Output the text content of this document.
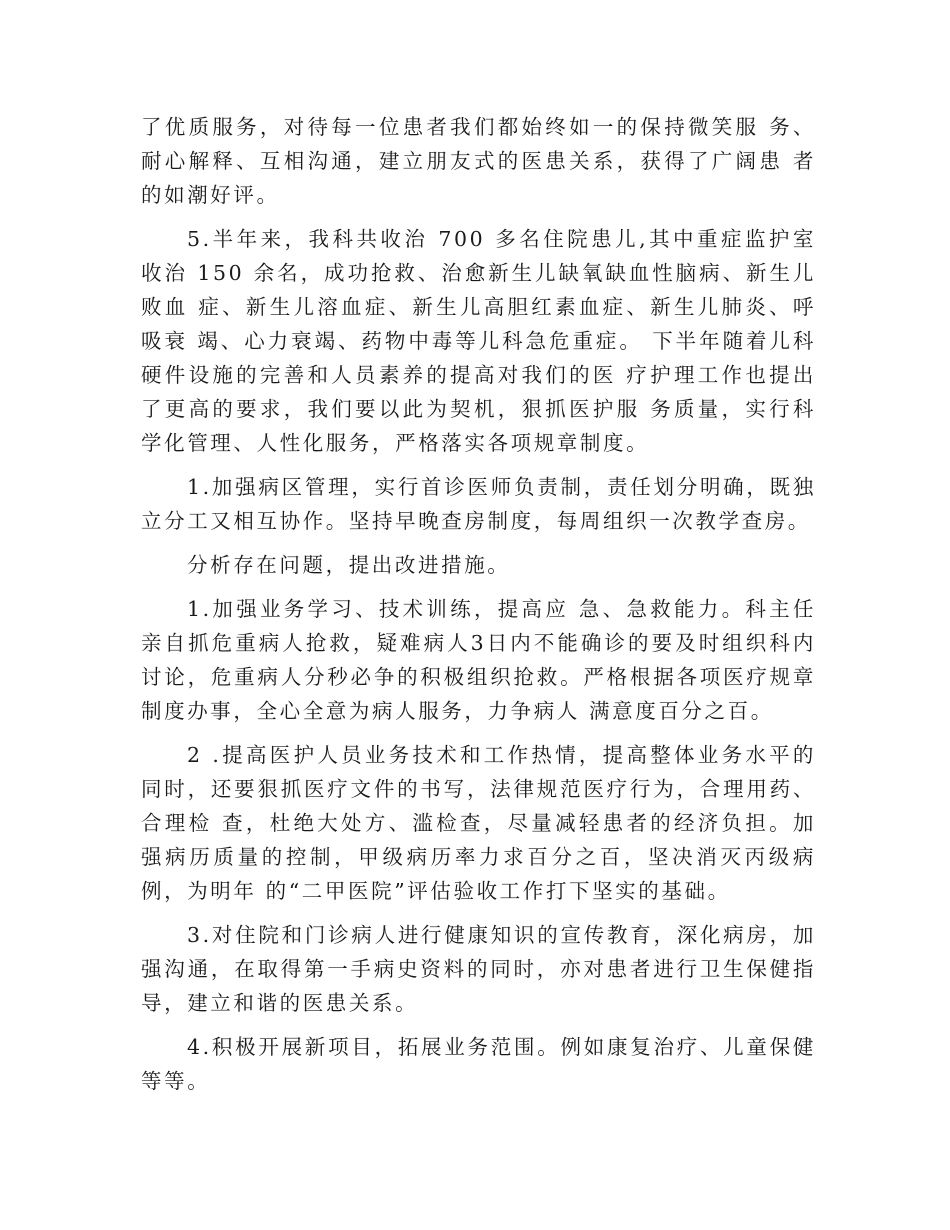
了优质服务，对待每一位患者我们都始终如一的保持微笑服 务、耐心解释、互相沟通，建立朋友式的医患关系，获得了广阔患 者的如潮好评。

5.半年来，我科共收治 700 多名住院患儿,其中重症监护室收治 150 余名，成功抢救、治愈新生儿缺氧缺血性脑病、新生儿败血 症、新生儿溶血症、新生儿高胆红素血症、新生儿肺炎、呼吸衰 竭、心力衰竭、药物中毒等儿科急危重症。 下半年随着儿科硬件设施的完善和人员素养的提高对我们的医 疗护理工作也提出了更高的要求，我们要以此为契机，狠抓医护服 务质量，实行科学化管理、人性化服务，严格落实各项规章制度。

1.加强病区管理，实行首诊医师负责制，责任划分明确，既独 立分工又相互协作。坚持早晚查房制度，每周组织一次教学查房。

分析存在问题，提出改进措施。

1.加强业务学习、技术训练，提高应 急、急救能力。科主任亲自抓危重病人抢救，疑难病人3日内不能确诊的要及时组织科内讨论，危重病人分秒必争的积极组织抢救。严格根据各项医疗规章制度办事，全心全意为病人服务，力争病人 满意度百分之百。

2 .提高医护人员业务技术和工作热情，提高整体业务水平的同时，还要狠抓医疗文件的书写，法律规范医疗行为，合理用药、合理检 查，杜绝大处方、滥检查，尽量减轻患者的经济负担。加强病历质量的控制，甲级病历率力求百分之百，坚决消灭丙级病例，为明年 的“二甲医院”评估验收工作打下坚实的基础。

3.对住院和门诊病人进行健康知识的宣传教育，深化病房，加 强沟通，在取得第一手病史资料的同时，亦对患者进行卫生保健指 导，建立和谐的医患关系。

4.积极开展新项目，拓展业务范围。例如康复治疗、儿童保健 等等。
